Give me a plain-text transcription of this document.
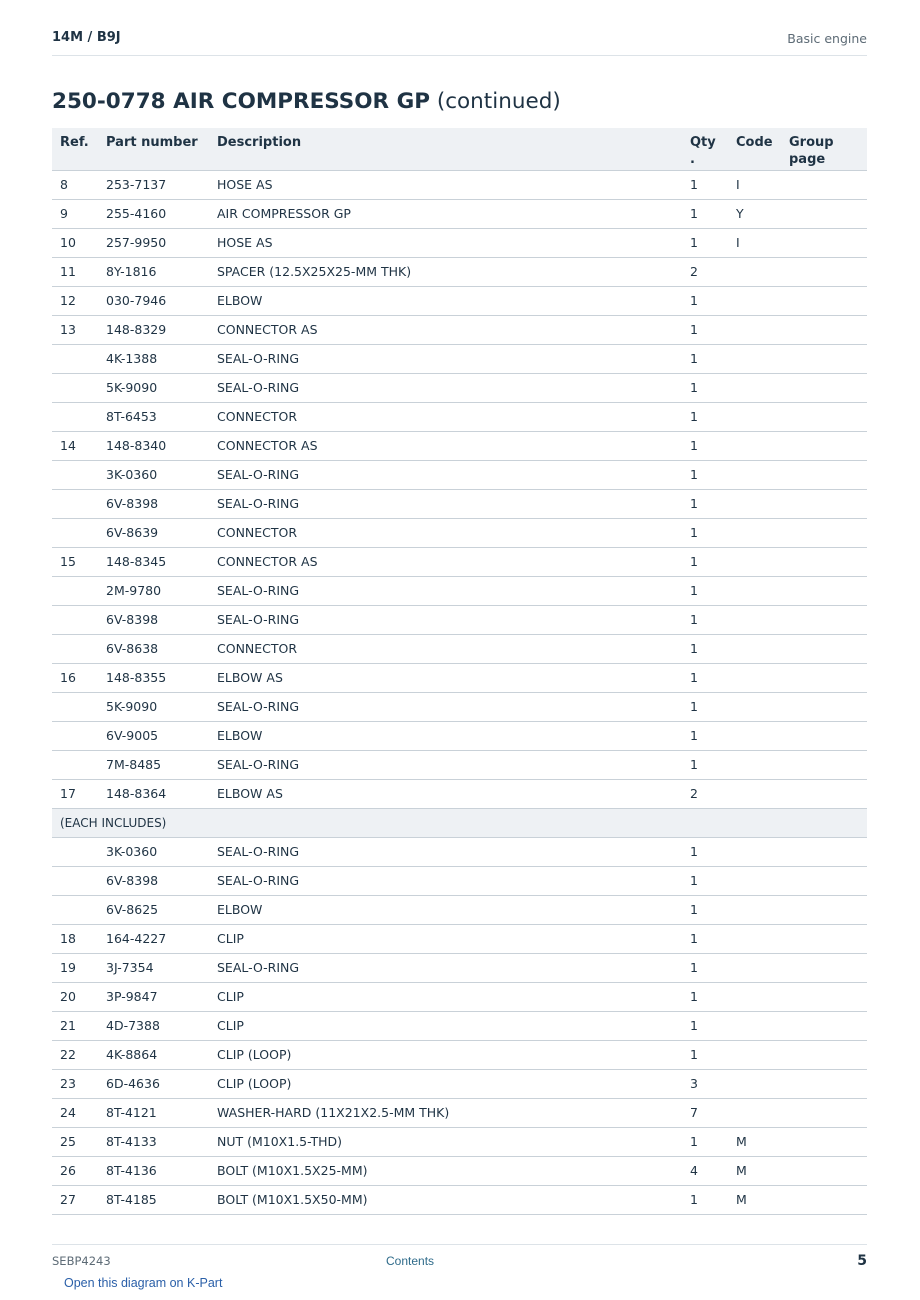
14M / B9J	Basic engine
250-0778 AIR COMPRESSOR GP (continued)
Ref.	Part number	Description	Qty .	Code	Group page
8	253-7137	HOSE AS	1	I	
9	255-4160	AIR COMPRESSOR GP	1	Y	
10	257-9950	HOSE AS	1	I	
11	8Y-1816	SPACER (12.5X25X25-MM THK)	2		
12	030-7946	ELBOW	1		
13	148-8329	CONNECTOR AS	1		
	4K-1388	SEAL-O-RING	1		
	5K-9090	SEAL-O-RING	1		
	8T-6453	CONNECTOR	1		
14	148-8340	CONNECTOR AS	1		
	3K-0360	SEAL-O-RING	1		
	6V-8398	SEAL-O-RING	1		
	6V-8639	CONNECTOR	1		
15	148-8345	CONNECTOR AS	1		
	2M-9780	SEAL-O-RING	1		
	6V-8398	SEAL-O-RING	1		
	6V-8638	CONNECTOR	1		
16	148-8355	ELBOW AS	1		
	5K-9090	SEAL-O-RING	1		
	6V-9005	ELBOW	1		
	7M-8485	SEAL-O-RING	1		
17	148-8364	ELBOW AS	2		
(EACH INCLUDES)					
	3K-0360	SEAL-O-RING	1		
	6V-8398	SEAL-O-RING	1		
	6V-8625	ELBOW	1		
18	164-4227	CLIP	1		
19	3J-7354	SEAL-O-RING	1		
20	3P-9847	CLIP	1		
21	4D-7388	CLIP	1		
22	4K-8864	CLIP (LOOP)	1		
23	6D-4636	CLIP (LOOP)	3		
24	8T-4121	WASHER-HARD (11X21X2.5-MM THK)	7		
25	8T-4133	NUT (M10X1.5-THD)	1	M	
26	8T-4136	BOLT (M10X1.5X25-MM)	4	M	
27	8T-4185	BOLT (M10X1.5X50-MM)	1	M	
SEBP4243	Contents	5
Open this diagram on K-Part
